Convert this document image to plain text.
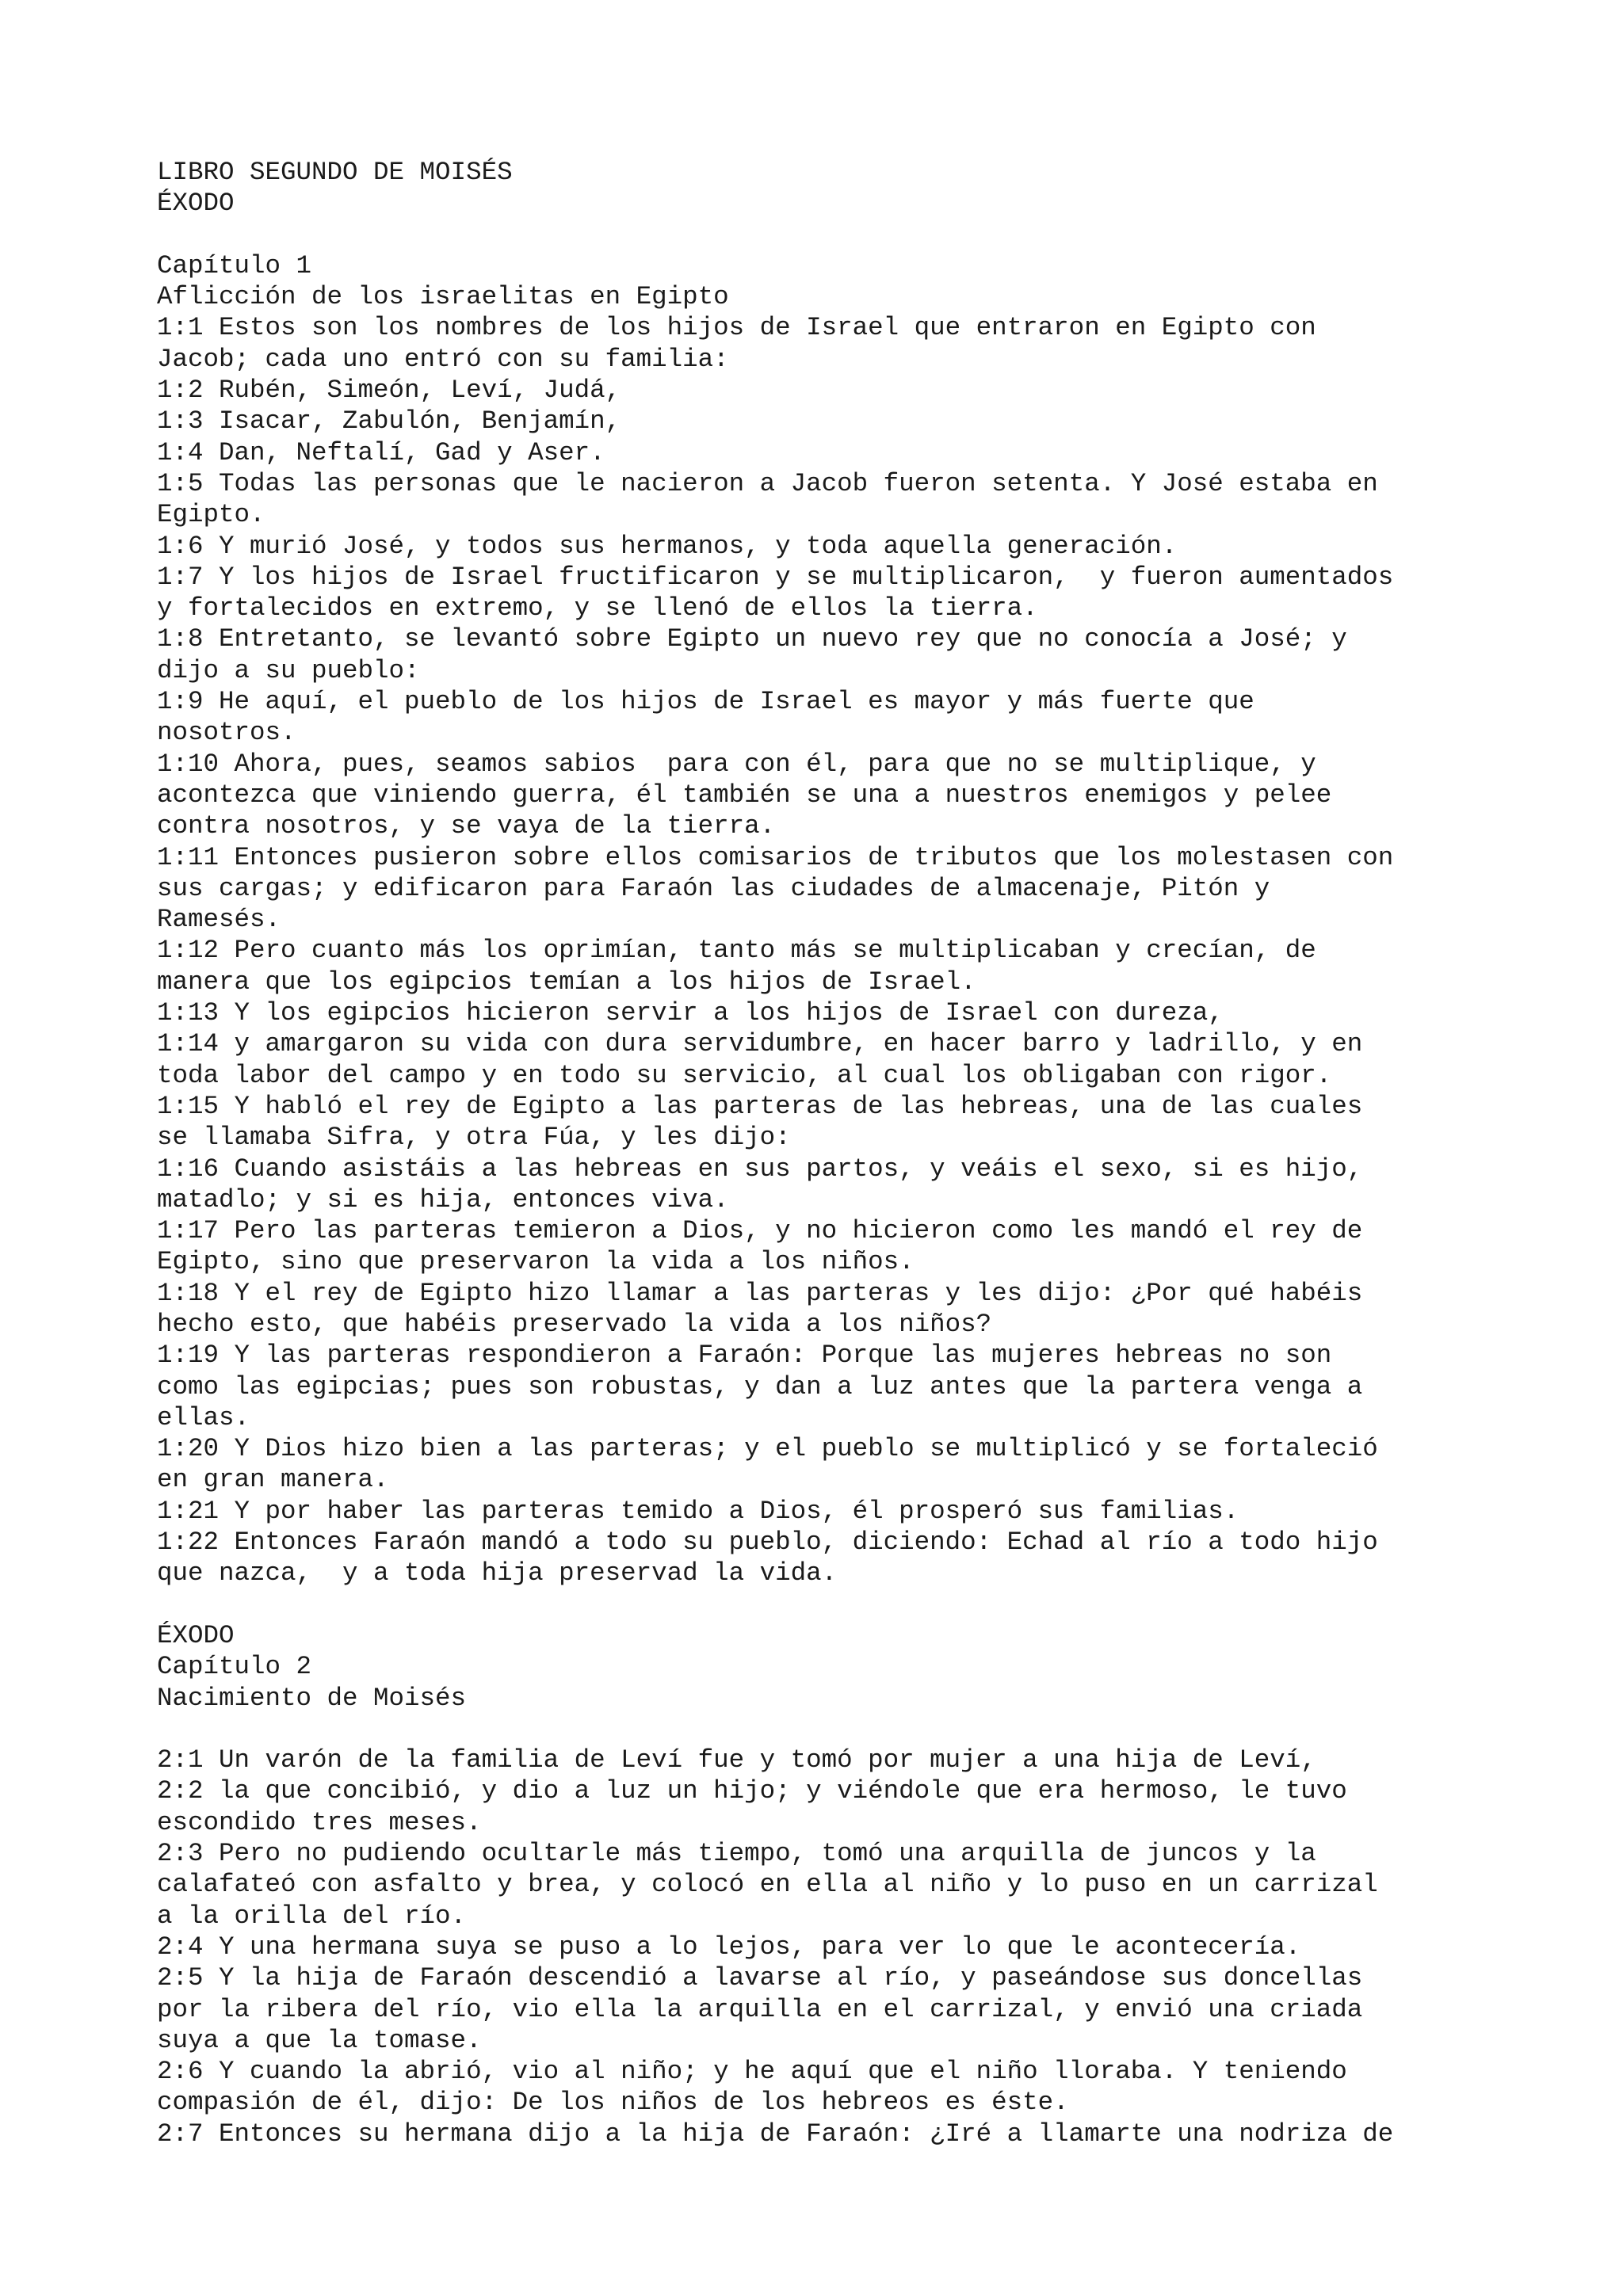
LIBRO SEGUNDO DE MOISÉS
ÉXODO
Capítulo 1
Aflicción de los israelitas en Egipto
1:1 Estos son los nombres de los hijos de Israel que entraron en Egipto con
Jacob; cada uno entró con su familia:
1:2 Rubén, Simeón, Leví, Judá,
1:3 Isacar, Zabulón, Benjamín,
1:4 Dan, Neftalí, Gad y Aser.
1:5 Todas las personas que le nacieron a Jacob fueron setenta. Y José estaba en
Egipto.
1:6 Y murió José, y todos sus hermanos, y toda aquella generación.
1:7 Y los hijos de Israel fructificaron y se multiplicaron,  y fueron aumentados
y fortalecidos en extremo, y se llenó de ellos la tierra.
1:8 Entretanto, se levantó sobre Egipto un nuevo rey que no conocía a José; y
dijo a su pueblo:
1:9 He aquí, el pueblo de los hijos de Israel es mayor y más fuerte que
nosotros.
1:10 Ahora, pues, seamos sabios  para con él, para que no se multiplique, y
acontezca que viniendo guerra, él también se una a nuestros enemigos y pelee
contra nosotros, y se vaya de la tierra.
1:11 Entonces pusieron sobre ellos comisarios de tributos que los molestasen con
sus cargas; y edificaron para Faraón las ciudades de almacenaje, Pitón y
Ramesés.
1:12 Pero cuanto más los oprimían, tanto más se multiplicaban y crecían, de
manera que los egipcios temían a los hijos de Israel.
1:13 Y los egipcios hicieron servir a los hijos de Israel con dureza,
1:14 y amargaron su vida con dura servidumbre, en hacer barro y ladrillo, y en
toda labor del campo y en todo su servicio, al cual los obligaban con rigor.
1:15 Y habló el rey de Egipto a las parteras de las hebreas, una de las cuales
se llamaba Sifra, y otra Fúa, y les dijo:
1:16 Cuando asistáis a las hebreas en sus partos, y veáis el sexo, si es hijo,
matadlo; y si es hija, entonces viva.
1:17 Pero las parteras temieron a Dios, y no hicieron como les mandó el rey de
Egipto, sino que preservaron la vida a los niños.
1:18 Y el rey de Egipto hizo llamar a las parteras y les dijo: ¿Por qué habéis
hecho esto, que habéis preservado la vida a los niños?
1:19 Y las parteras respondieron a Faraón: Porque las mujeres hebreas no son
como las egipcias; pues son robustas, y dan a luz antes que la partera venga a
ellas.
1:20 Y Dios hizo bien a las parteras; y el pueblo se multiplicó y se fortaleció
en gran manera.
1:21 Y por haber las parteras temido a Dios, él prosperó sus familias.
1:22 Entonces Faraón mandó a todo su pueblo, diciendo: Echad al río a todo hijo
que nazca,  y a toda hija preservad la vida.
ÉXODO
Capítulo 2
Nacimiento de Moisés
2:1 Un varón de la familia de Leví fue y tomó por mujer a una hija de Leví,
2:2 la que concibió, y dio a luz un hijo; y viéndole que era hermoso, le tuvo
escondido tres meses.
2:3 Pero no pudiendo ocultarle más tiempo, tomó una arquilla de juncos y la
calafateó con asfalto y brea, y colocó en ella al niño y lo puso en un carrizal
a la orilla del río.
2:4 Y una hermana suya se puso a lo lejos, para ver lo que le acontecería.
2:5 Y la hija de Faraón descendió a lavarse al río, y paseándose sus doncellas
por la ribera del río, vio ella la arquilla en el carrizal, y envió una criada
suya a que la tomase.
2:6 Y cuando la abrió, vio al niño; y he aquí que el niño lloraba. Y teniendo
compasión de él, dijo: De los niños de los hebreos es éste.
2:7 Entonces su hermana dijo a la hija de Faraón: ¿Iré a llamarte una nodriza de
